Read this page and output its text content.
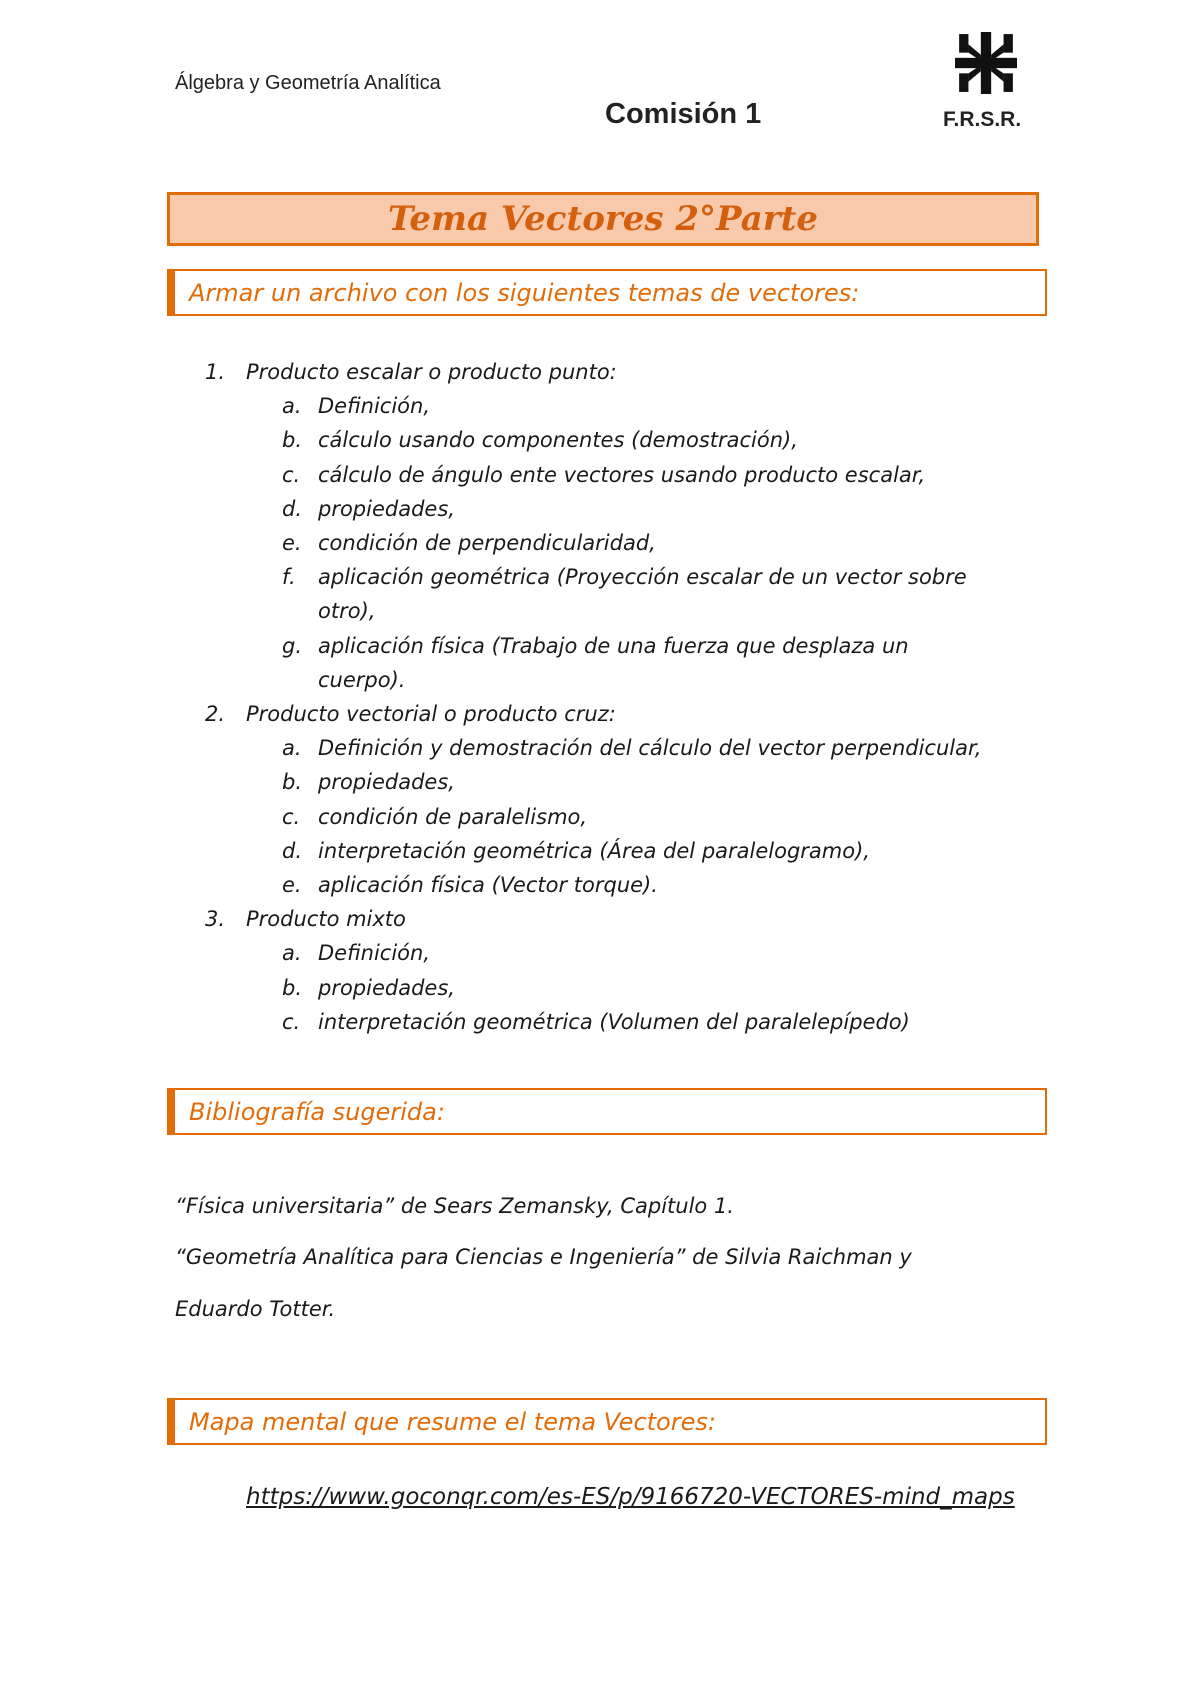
Álgebra y Geometría Analítica
Comisión 1	F.R.S.R.
Tema Vectores 2°Parte
Armar un archivo con los siguientes temas de vectores:
1. Producto escalar o producto punto:
a. Definición,
b. cálculo usando componentes (demostración),
c. cálculo de ángulo ente vectores usando producto escalar,
d. propiedades,
e. condición de perpendicularidad,
f. aplicación geométrica (Proyección escalar de un vector sobre
otro),
g. aplicación física (Trabajo de una fuerza que desplaza un
cuerpo).
2. Producto vectorial o producto cruz:
a. Definición y demostración del cálculo del vector perpendicular,
b. propiedades,
c. condición de paralelismo,
d. interpretación geométrica (Área del paralelogramo),
e. aplicación física (Vector torque).
3. Producto mixto
a. Definición,
b. propiedades,
c. interpretación geométrica (Volumen del paralelepípedo)
Bibliografía sugerida:
“Física universitaria” de Sears Zemansky, Capítulo 1.
“Geometría Analítica para Ciencias e Ingeniería” de Silvia Raichman y
Eduardo Totter.
Mapa mental que resume el tema Vectores:
https://www.goconqr.com/es-ES/p/9166720-VECTORES-mind_maps
